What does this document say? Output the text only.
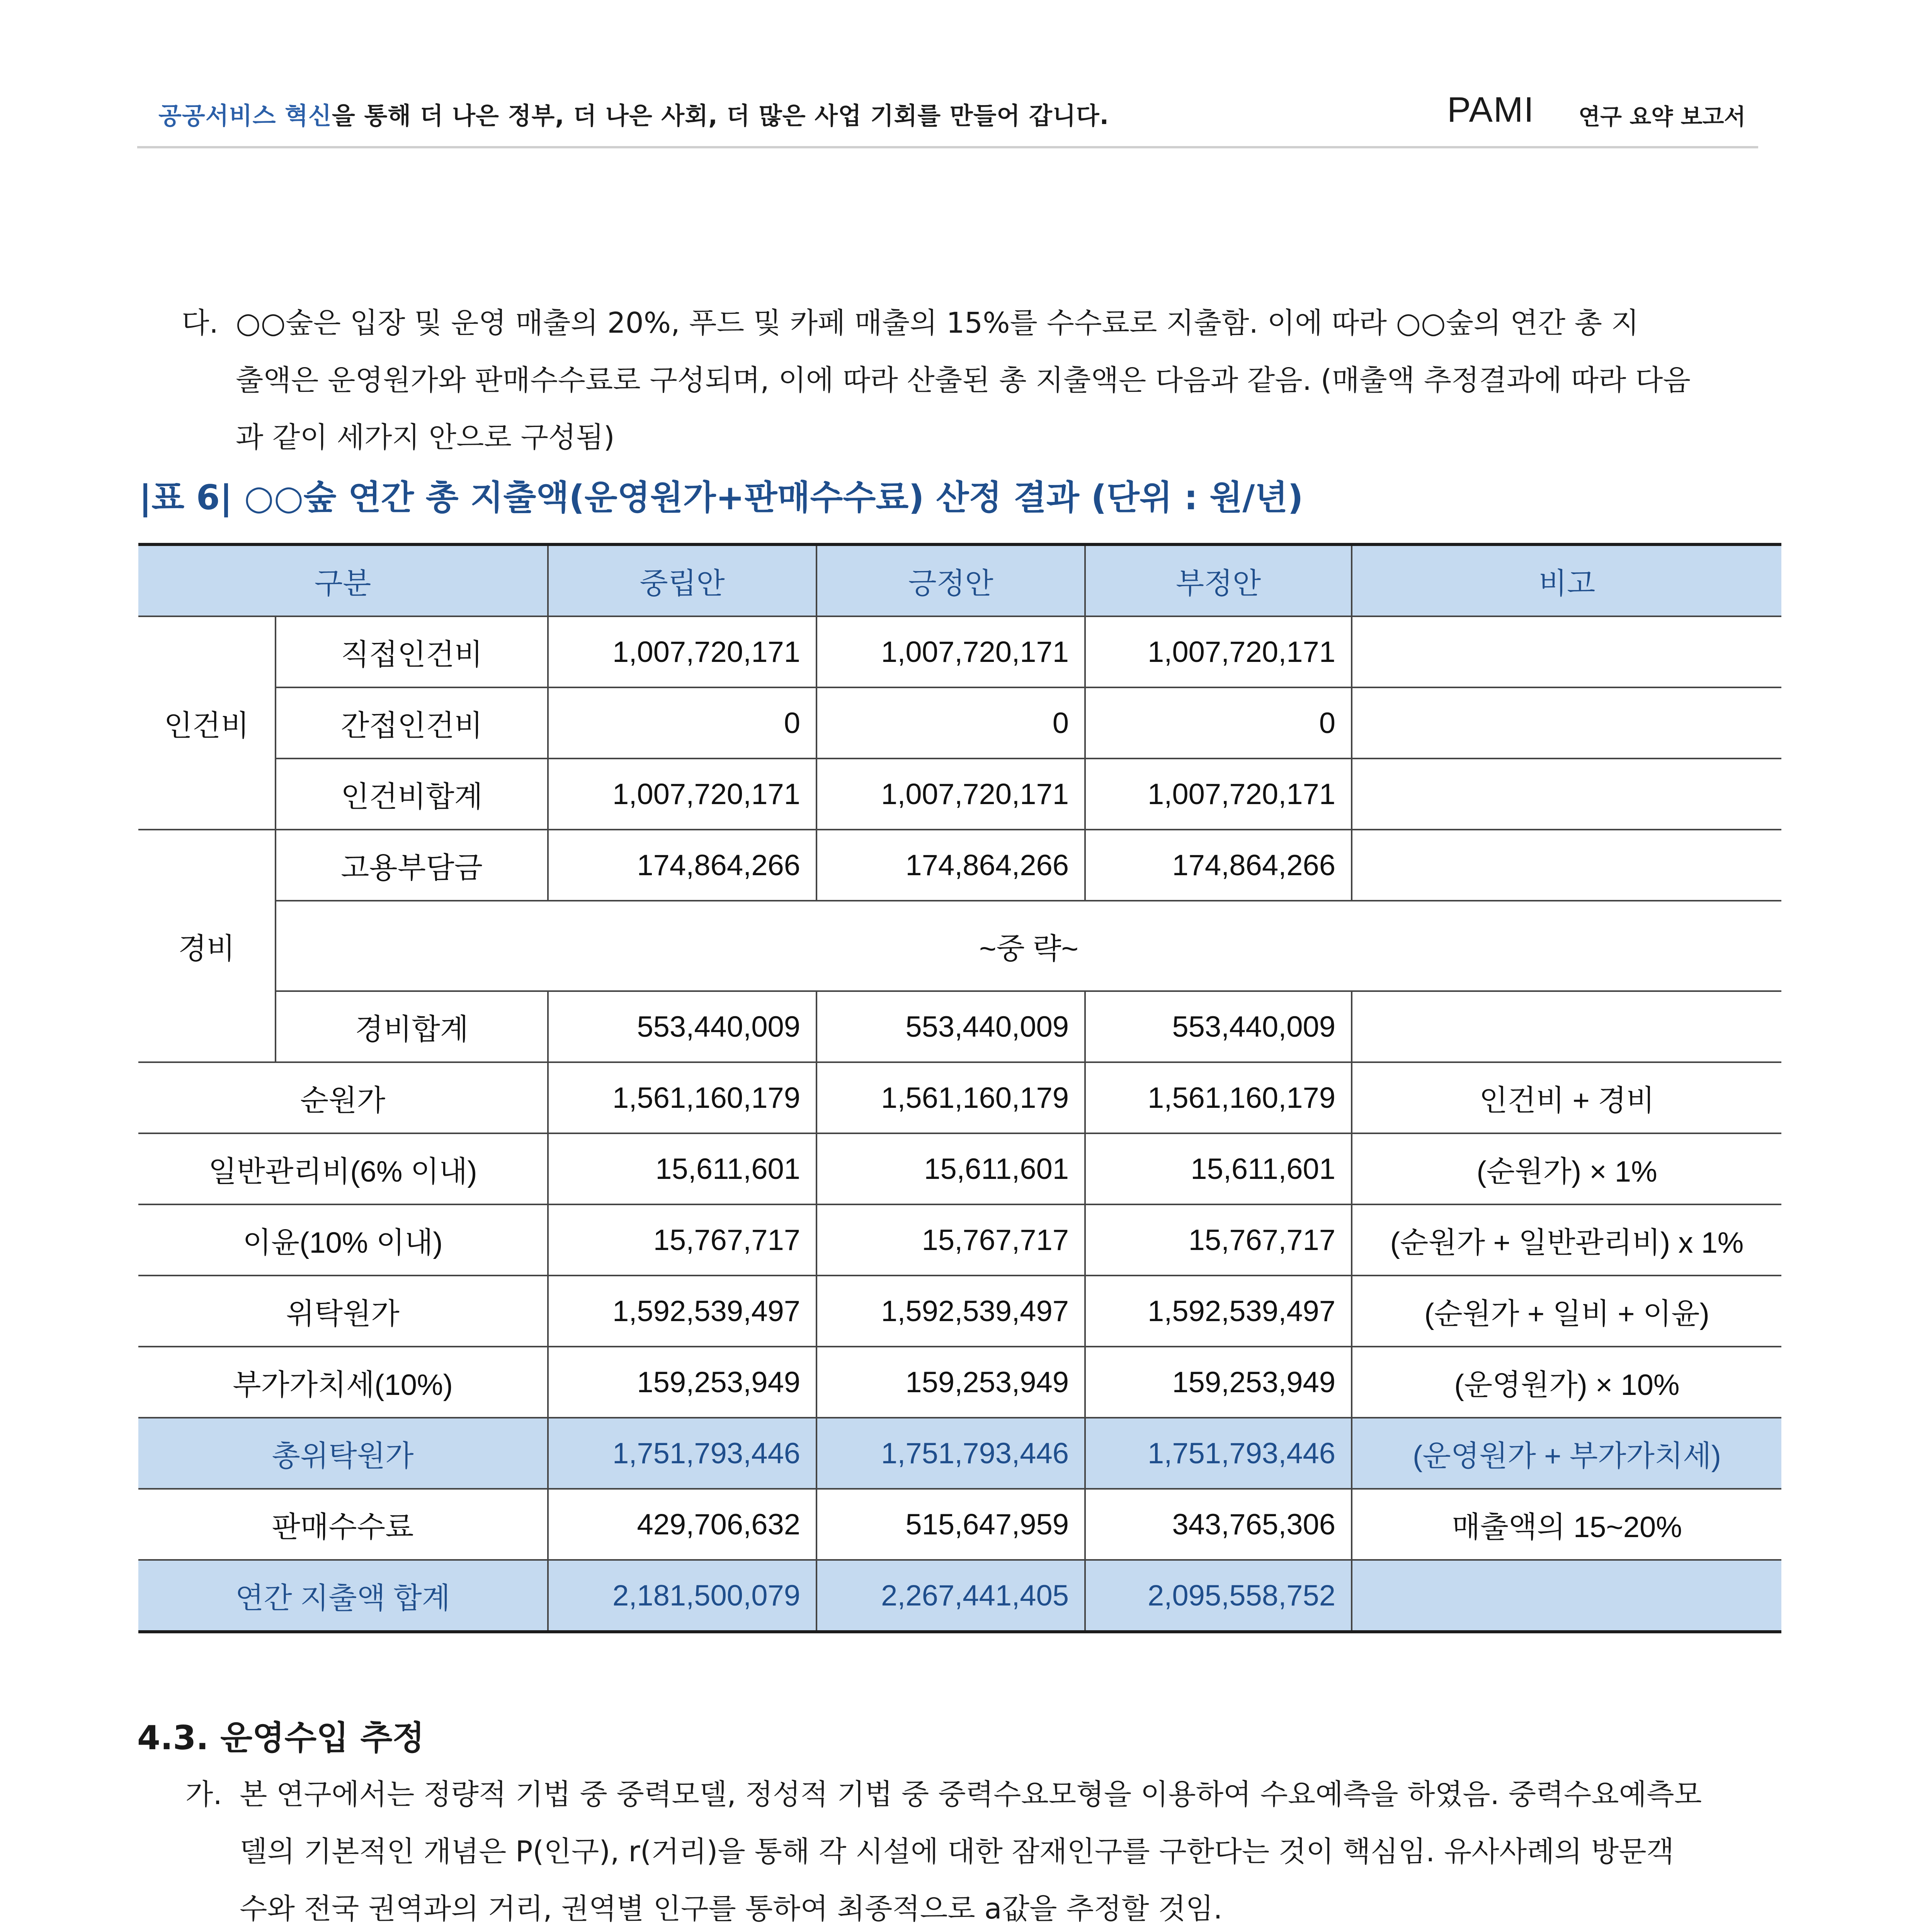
공공서비스 혁신을 통해 더 나은 정부, 더 나은 사회, 더 많은 사업 기회를 만들어 갑니다.	PAMI 연구 요약 보고서
다. ○○숲은 입장 및 운영 매출의 20%, 푸드 및 카페 매출의 15%를 수수료로 지출함. 이에 따라 ○○숲의 연간 총 지
출액은 운영원가와 판매수수료로 구성되며, 이에 따라 산출된 총 지출액은 다음과 같음. (매출액 추정결과에 따라 다음
과 같이 세가지 안으로 구성됨)
|표 6| ○○숲 연간 총 지출액(운영원가+판매수수료) 산정 결과 (단위 : 원/년)
구분		중립안	긍정안	부정안	비고
인건비	직접인건비	1,007,720,171	1,007,720,171	1,007,720,171	
	간접인건비	0	0	0	
	인건비합계	1,007,720,171	1,007,720,171	1,007,720,171	
경비	고용부담금	174,864,266	174,864,266	174,864,266	
	~중 략~				
	경비합계	553,440,009	553,440,009	553,440,009	
순원가		1,561,160,179	1,561,160,179	1,561,160,179	인건비 + 경비
일반관리비(6% 이내)		15,611,601	15,611,601	15,611,601	(순원가) × 1%
이윤(10% 이내)		15,767,717	15,767,717	15,767,717	(순원가 + 일반관리비) x 1%
위탁원가		1,592,539,497	1,592,539,497	1,592,539,497	(순원가 + 일비 + 이윤)
부가가치세(10%)		159,253,949	159,253,949	159,253,949	(운영원가) × 10%
총위탁원가		1,751,793,446	1,751,793,446	1,751,793,446	(운영원가 + 부가가치세)
판매수수료		429,706,632	515,647,959	343,765,306	매출액의 15~20%
연간 지출액 합계		2,181,500,079	2,267,441,405	2,095,558,752	
4.3. 운영수입 추정
가. 본 연구에서는 정량적 기법 중 중력모델, 정성적 기법 중 중력수요모형을 이용하여 수요예측을 하였음. 중력수요예측모
델의 기본적인 개념은 P(인구), r(거리)을 통해 각 시설에 대한 잠재인구를 구한다는 것이 핵심임. 유사사례의 방문객
수와 전국 권역과의 거리, 권역별 인구를 통하여 최종적으로 a값을 추정할 것임.
